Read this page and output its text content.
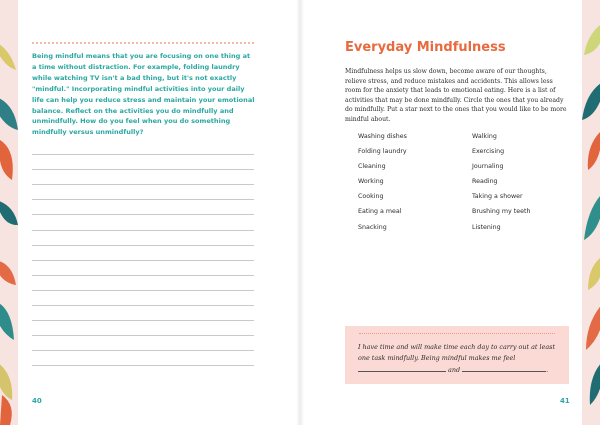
Being mindful means that you are focusing on one thing at a time without distraction. For example, folding laundry while watching TV isn't a bad thing, but it's not exactly "mindful." Incorporating mindful activities into your daily life can help you reduce stress and maintain your emotional balance. Reflect on the activities you do mindfully and unmindfully. How do you feel when you do something mindfully versus unmindfully?

40
Everyday Mindfulness

Mindfulness helps us slow down, become aware of our thoughts, relieve stress, and reduce mistakes and accidents. This allows less room for the anxiety that leads to emotional eating. Here is a list of activities that may be done mindfully. Circle the ones that you already do mindfully. Put a star next to the ones that you would like to be more mindful about.

Washing dishes	Walking
Folding laundry	Exercising
Cleaning	Journaling
Working	Reading
Cooking	Taking a shower
Eating a meal	Brushing my teeth
Snacking	Listening

I have time and will make time each day to carry out at least one task mindfully. Being mindful makes me feel  and	.

41
